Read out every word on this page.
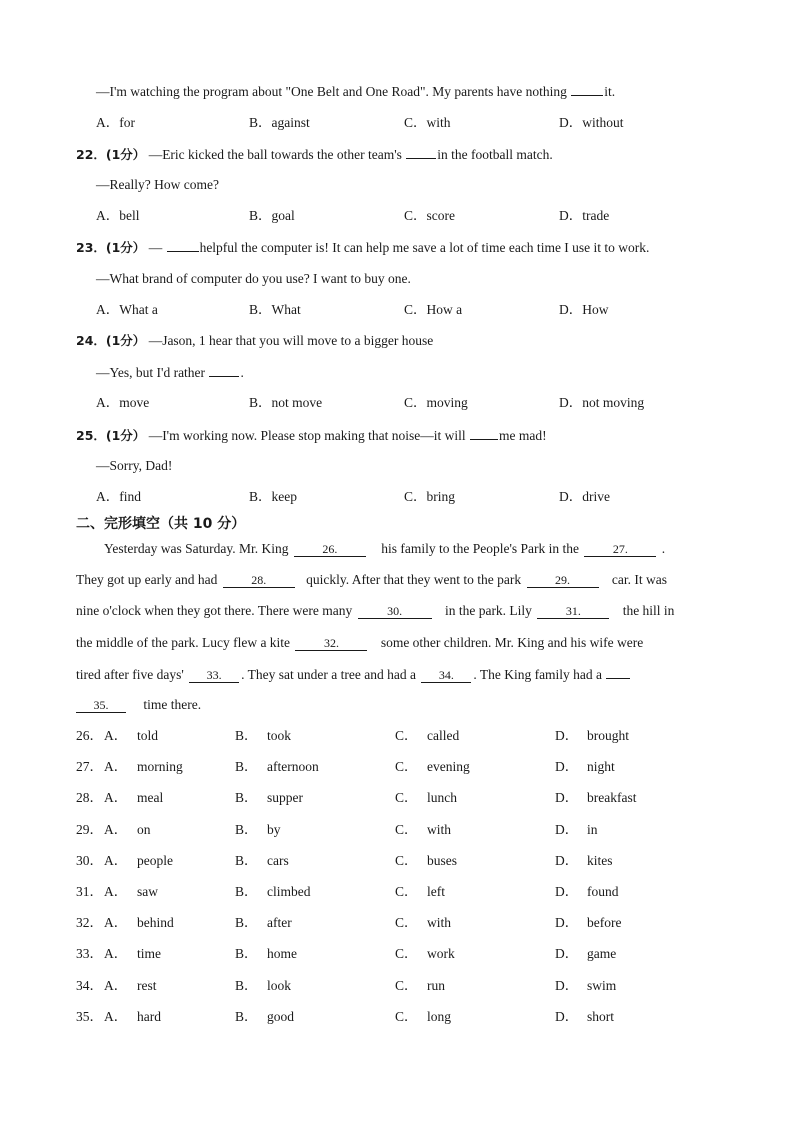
—I'm watching the program about "One Belt and One Road". My parents have nothing	it.
A．for	B．against	C．with	D．without
22．(1分） —Eric kicked the ball towards the other team's in the football match.
—Really? How come?
A．bell	B．goal	C．score	D．trade
23．(1分） —	helpful the computer is! It can help me save a lot of time each time I use it to work.
—What brand of computer do you use? I want to buy one.
A．What a	B．What	C．How a	D．How
24．(1分） —Jason, 1 hear that you will move to a bigger house
—Yes, but I'd rather .
A．move	B．not move	C．moving	D．not moving
25．(1分） —I'm working now. Please stop making that noise—it will me mad!
—Sorry, Dad!
A．find	B．keep	C．bring	D．drive
二、完形填空（共 10 分）
Yesterday was Saturday. Mr. King	26.	his family to the People's Park in the	27.	.
They got up early and had	28.	quickly. After that they went to the park	29.	car. It was
nine o'clock when they got there. There were many	30.	in the park. Lily	31.	the hill in
the middle of the park. Lucy flew a kite	32.	some other children. Mr. King and his wife were
tired after five days' 33. . They sat under a tree and had a 34. . The King family had a
35.	time there.
26． A． told	B． took	C． called	D． brought
27． A． morning	B． afternoon	C． evening	D． night
28． A． meal	B． supper	C． lunch	D． breakfast
29． A． on	B． by	C． with	D． in
30． A． people	B． cars	C． buses	D． kites
31． A． saw	B． climbed	C． left	D． found
32． A． behind	B． after	C． with	D． before
33． A． time	B． home	C． work	D． game
34． A． rest	B． look	C． run	D． swim
35． A． hard	B． good	C． long	D． short
